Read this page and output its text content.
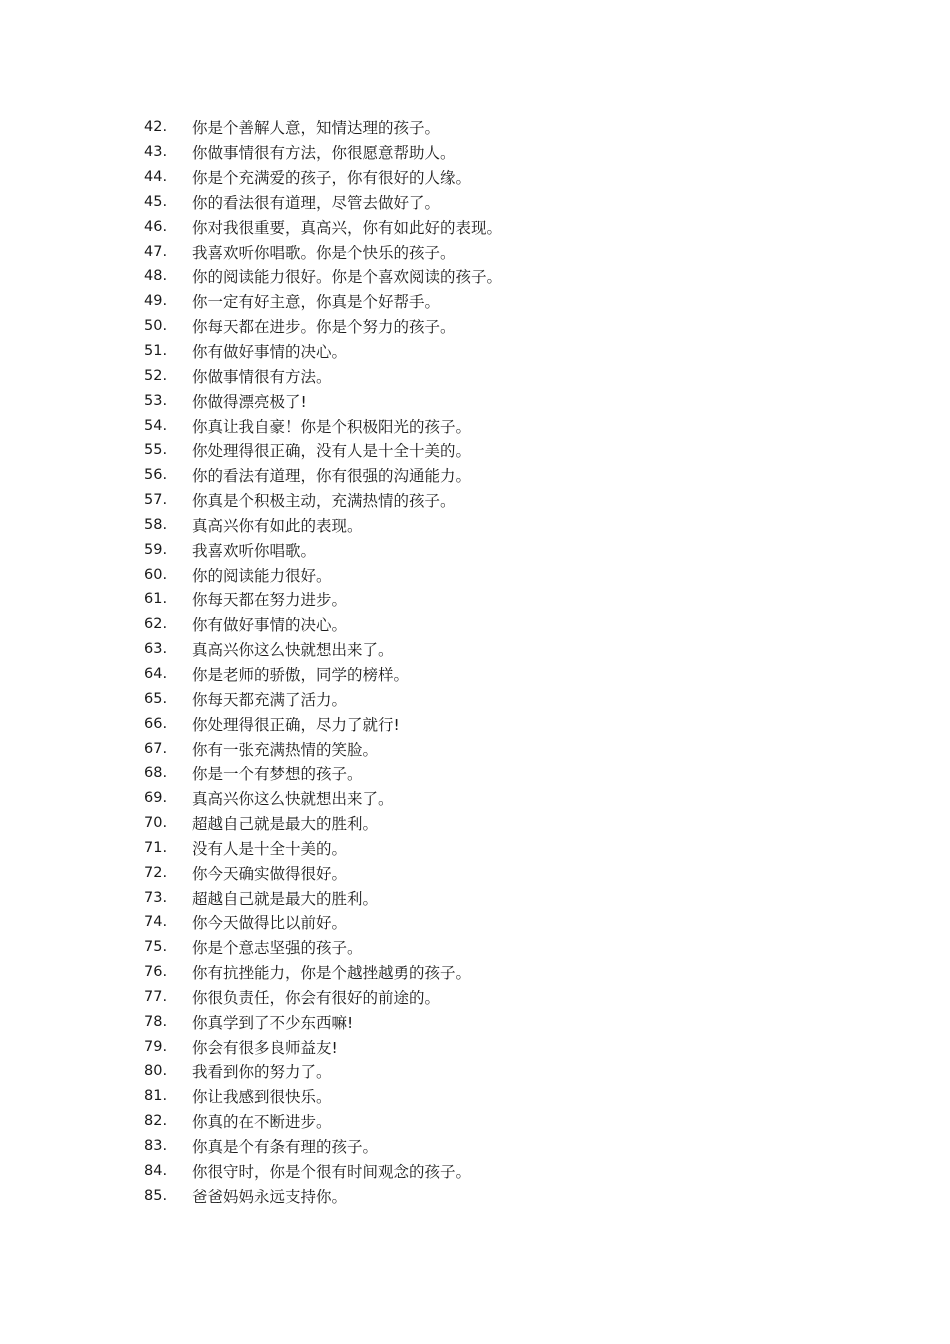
42.	你是个善解人意，知情达理的孩子。
43.	你做事情很有方法，你很愿意帮助人。
44.	你是个充满爱的孩子，你有很好的人缘。
45.	你的看法很有道理，尽管去做好了。
46.	你对我很重要，真高兴，你有如此好的表现。
47.	我喜欢听你唱歌。你是个快乐的孩子。
48.	你的阅读能力很好。你是个喜欢阅读的孩子。
49.	你一定有好主意，你真是个好帮手。
50.	你每天都在进步。你是个努力的孩子。
51.	你有做好事情的决心。
52.	你做事情很有方法。
53.	你做得漂亮极了!
54.	你真让我自豪！你是个积极阳光的孩子。
55.	你处理得很正确，没有人是十全十美的。
56.	你的看法有道理，你有很强的沟通能力。
57.	你真是个积极主动，充满热情的孩子。
58.	真高兴你有如此的表现。
59.	我喜欢听你唱歌。
60.	你的阅读能力很好。
61.	你每天都在努力进步。
62.	你有做好事情的决心。
63.	真高兴你这么快就想出来了。
64.	你是老师的骄傲，同学的榜样。
65.	你每天都充满了活力。
66.	你处理得很正确，尽力了就行!
67.	你有一张充满热情的笑脸。
68.	你是一个有梦想的孩子。
69.	真高兴你这么快就想出来了。
70.	超越自己就是最大的胜利。
71.	没有人是十全十美的。
72.	你今天确实做得很好。
73.	超越自己就是最大的胜利。
74.	你今天做得比以前好。
75.	你是个意志坚强的孩子。
76.	你有抗挫能力，你是个越挫越勇的孩子。
77.	你很负责任，你会有很好的前途的。
78.	你真学到了不少东西嘛!
79.	你会有很多良师益友!
80.	我看到你的努力了。
81.	你让我感到很快乐。
82.	你真的在不断进步。
83.	你真是个有条有理的孩子。
84.	你很守时，你是个很有时间观念的孩子。
85.	爸爸妈妈永远支持你。
